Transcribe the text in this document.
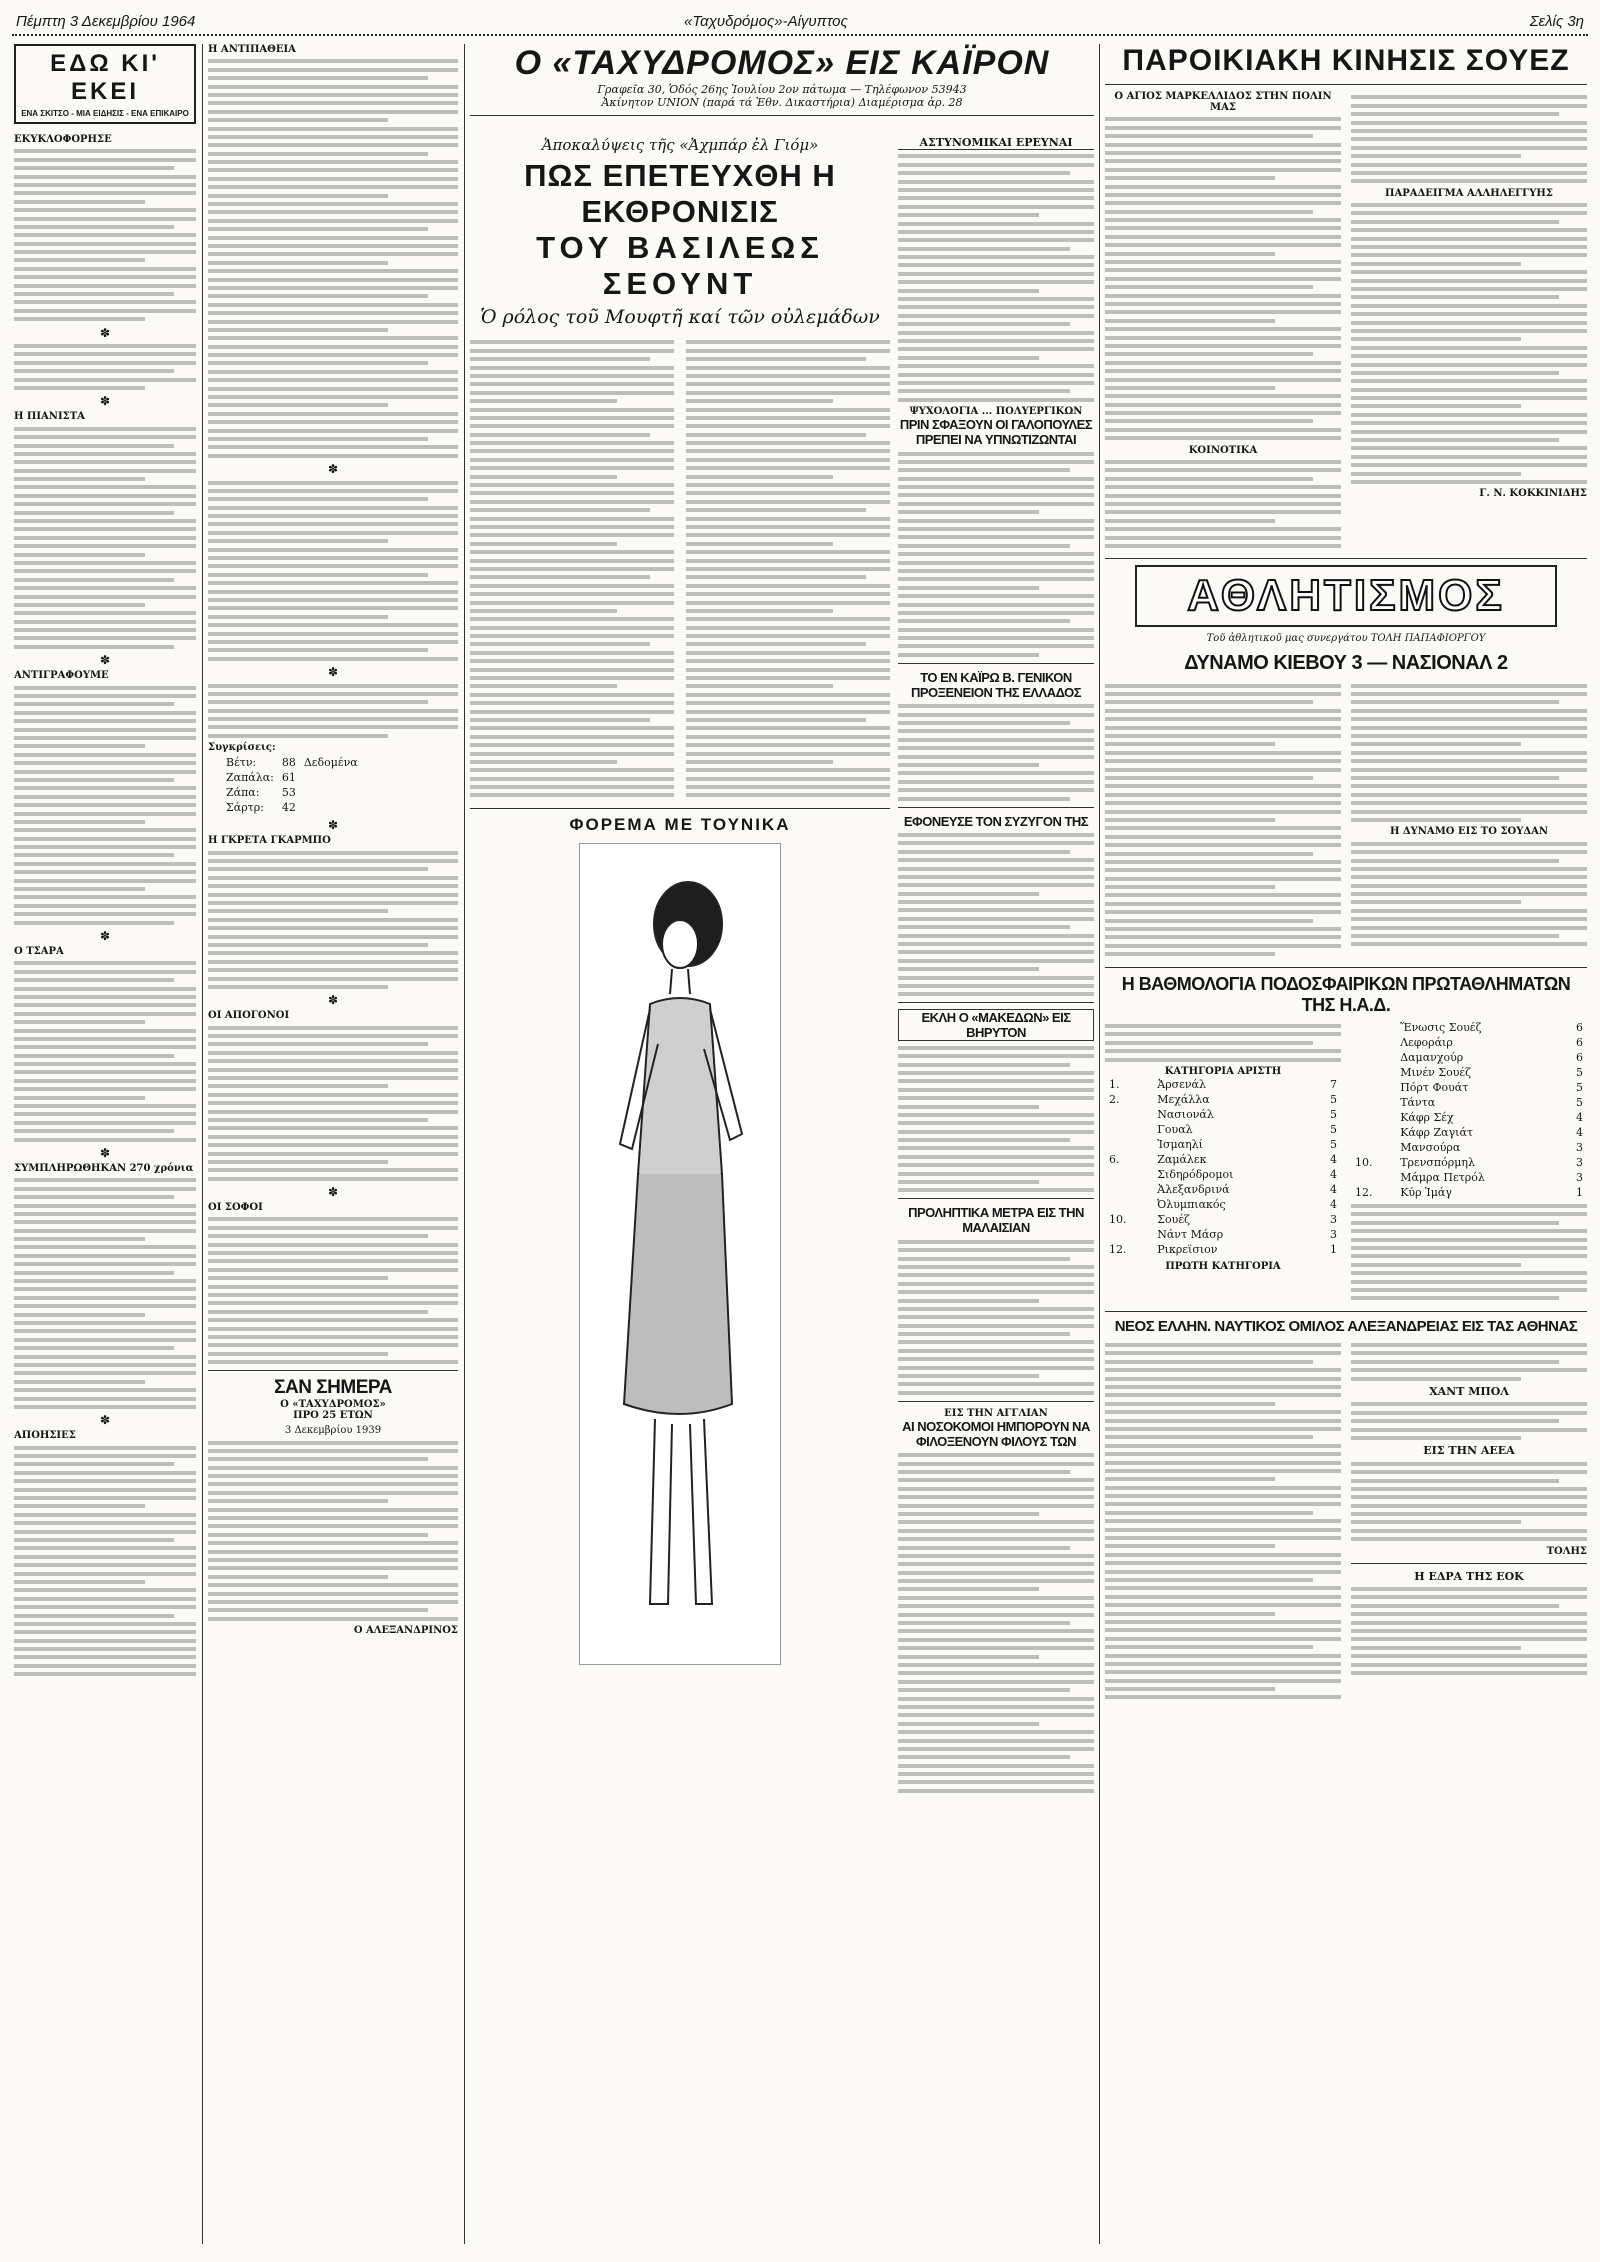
Πέμπτη 3 Δεκεμβρίου 1964	«Ταχυδρόμος»-Αίγυπτος	Σελίς 3η
ΕΔΩ ΚΙ' ΕΚΕΙ
ΕΝΑ ΣΚΙΤΣΟ - ΜΙΑ ΕΙΔΗΣΙΣ - ΕΝΑ ΕΠΙΚΑΙΡΟ
ΕΚΥΚΛΟΦΟΡΗΣΕ
✽
✽
Η ΠΙΑΝΙΣΤΑ
✽
ΑΝΤΙΓΡΑΦΟΥΜΕ
✽
Ο ΤΣΑΡΑ
✽
ΣΥΜΠΛΗΡΩΘΗΚΑΝ 270 χρόνια
✽
ΑΠΟΗΣΙΕΣ
Η ΑΝΤΙΠΑΘΕΙΑ
✽
✽
Συγκρίσεις:
Βέτν:	88	Δεδομένα
Ζαπάλα:	61	
Ζάπα:	53	
Σάρτρ:	42	
✽
Η ΓΚΡΕΤΑ ΓΚΑΡΜΠΟ
✽
ΟΙ ΑΠΟΓΟΝΟΙ
✽
ΟΙ ΣΟΦΟΙ
ΣΑΝ ΣΗΜΕΡΑ
Ο «ΤΑΧΥΔΡΟΜΟΣ»
ΠΡΟ 25 ΕΤΩΝ
3 Δεκεμβρίου 1939
Ο ΑΛΕΞΑΝΔΡΙΝΟΣ
Ο «ΤΑΧΥΔΡΟΜΟΣ» ΕΙΣ ΚΑΪΡΟΝ
Γραφεῖα 30, Ὁδός 26ης Ἰουλίου 2ον πάτωμα — Τηλέφωνον 53943
Ἀκίνητον UNION (παρά τά Ἐθν. Δικαστήρια) Διαμέρισμα ἀρ. 28
Ἀποκαλύψεις τῆς «Ἀχμπάρ ἐλ Γιόμ»
ΠΩΣ ΕΠΕΤΕΥΧΘΗ Η ΕΚΘΡΟΝΙΣΙΣ
ΤΟΥ ΒΑΣΙΛΕΩΣ ΣΕΟΥΝΤ
Ὁ ρόλος τοῦ Μουφτῆ καί τῶν οὐλεμάδων
ΦΟΡΕΜΑ ΜΕ ΤΟΥΝΙΚΑ
ΑΣΤΥΝΟΜΙΚΑΙ ΕΡΕΥΝΑΙ
ΨΥΧΟΛΟΓΙΑ ... ΠΟΛΥΕΡΓΙΚΩΝ
ΠΡΙΝ ΣΦΑΞΟΥΝ ΟΙ ΓΑΛΟΠΟΥΛΕΣ ΠΡΕΠΕΙ ΝΑ ΥΠΝΩΤΙΖΩΝΤΑΙ
ΤΟ ΕΝ ΚΑΪΡΩ Β. ΓΕΝΙΚΟΝ ΠΡΟΞΕΝΕΙΟΝ ΤΗΣ ΕΛΛΑΔΟΣ
ΕΦΟΝΕΥΣΕ ΤΟΝ ΣΥΖΥΓΟΝ ΤΗΣ
ΕΚΛΗ Ο «ΜΑΚΕΔΩΝ» ΕΙΣ ΒΗΡΥΤΟΝ
ΠΡΟΛΗΠΤΙΚΑ ΜΕΤΡΑ ΕΙΣ ΤΗΝ ΜΑΛΑΙΣΙΑΝ
ΕΙΣ ΤΗΝ ΑΓΓΛΙΑΝ
ΑΙ ΝΟΣΟΚΟΜΟΙ ΗΜΠΟΡΟΥΝ ΝΑ ΦΙΛΟΞΕΝΟΥΝ ΦΙΛΟΥΣ ΤΩΝ
ΠΑΡΟΙΚΙΑΚΗ ΚΙΝΗΣΙΣ ΣΟΥΕΖ
Ο ΑΓΙΟΣ ΜΑΡΚΕΛΛΙΔΟΣ ΣΤΗΝ ΠΟΛΙΝ ΜΑΣ
ΚΟΙΝΟΤΙΚΑ
ΠΑΡΑΔΕΙΓΜΑ ΑΛΛΗΛΕΓΓΥΗΣ
Γ. Ν. ΚΟΚΚΙΝΙΔΗΣ
ΑΘΛΗΤΙΣΜΟΣ
Τοῦ ἀθλητικοῦ μας συνεργάτου ΤΟΛΗ ΠΑΠΑΦΙΟΡΓΟΥ
ΔΥΝΑΜΟ ΚΙΕΒΟΥ 3 — ΝΑΣΙΟΝΑΛ 2
Η ΔΥΝΑΜΟ ΕΙΣ ΤΟ ΣΟΥΔΑΝ
Η ΒΑΘΜΟΛΟΓΙΑ ΠΟΔΟΣΦΑΙΡΙΚΩΝ ΠΡΩΤΑΘΛΗΜΑΤΩΝ ΤΗΣ Η.Α.Δ.
ΚΑΤΗΓΟΡΙΑ ΑΡΙΣΤΗ
1.	Ἀρσενάλ	7
2.	Μεχάλλα	5
	Νασιονάλ	5
	Γουαλ	5
	Ἰσμαηλί	5
6.	Ζαμάλεκ	4
	Σιδηρόδρομοι	4
	Ἀλεξανδρινά	4
	Ὀλυμπιακός	4
10.	Σουέζ	3
	Νάντ Μάσρ	3
12.	Ρικρεϊσιον	1
ΠΡΩΤΗ ΚΑΤΗΓΟΡΙΑ
	Ἕνωσις Σουέζ	6
	Λεφοράιρ	6
	Δαμανχούρ	6
	Μινέν Σουέζ	5
	Πόρτ Φουάτ	5
	Τάντα	5
	Κάφρ Σέχ	4
	Κάφρ Ζαγιάτ	4
	Μανσούρα	3
10.	Τρενσπόρμηλ	3
	Μάμρα Πετρόλ	3
12.	Κύρ Ἰμάγ	1
ΝΕΟΣ ΕΛΛΗΝ. ΝΑΥΤΙΚΟΣ ΟΜΙΛΟΣ ΑΛΕΞΑΝΔΡΕΙΑΣ ΕΙΣ ΤΑΣ ΑΘΗΝΑΣ
ΧΑΝΤ ΜΠΟΛ
ΕΙΣ ΤΗΝ ΑΕΕΑ
ΤΟΛΗΣ
Η ΕΔΡΑ ΤΗΣ ΕΟΚ
